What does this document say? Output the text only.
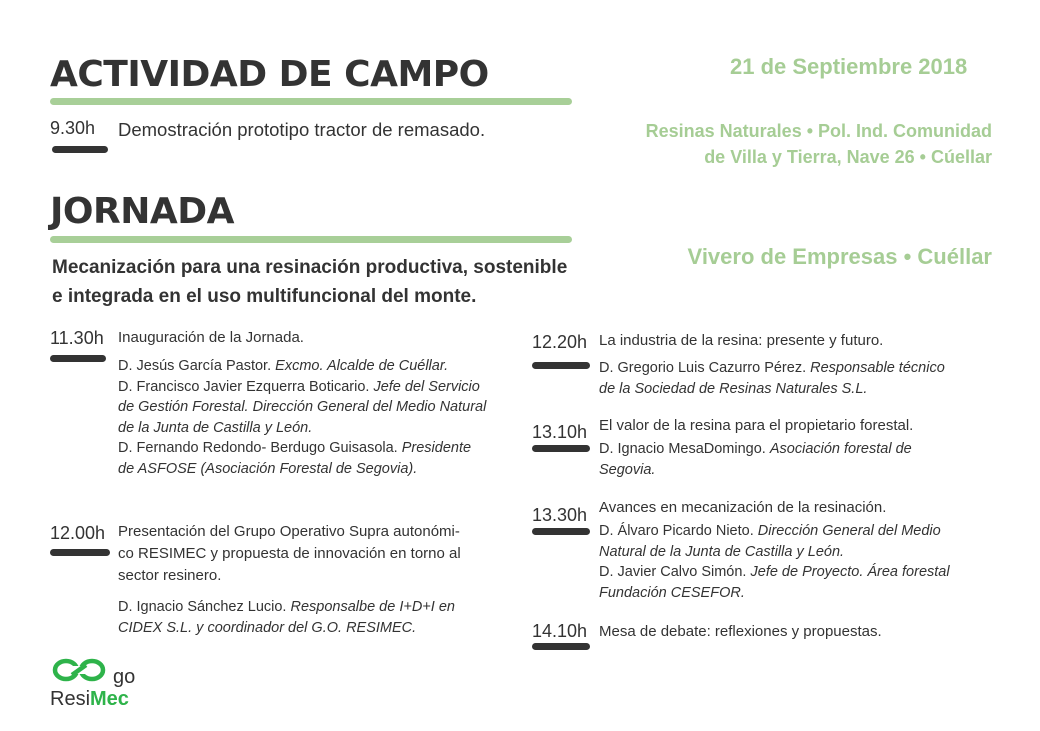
ACTIVIDAD DE CAMPO	21 de Septiembre 2018
9.30h Demostración prototipo tractor de remasado.	Resinas Naturales • Pol. Ind. Comunidad
de Villa y Tierra, Nave 26 • Cúellar
JORNADA
Vivero de Empresas • Cuéllar
Mecanización para una resinación productiva, sostenible
e integrada en el uso multifuncional del monte.
11.30h Inauguración de la Jornada.
D. Jesús García Pastor. Excmo. Alcalde de Cuéllar.
D. Francisco Javier Ezquerra Boticario. Jefe del Servicio
de Gestión Forestal. Dirección General del Medio Natural
de la Junta de Castilla y León.
D. Fernando Redondo- Berdugo Guisasola. Presidente
de ASFOSE (Asociación Forestal de Segovia).
12.00h Presentación del Grupo Operativo Supra autonómi-
co RESIMEC y propuesta de innovación en torno al
sector resinero.
D. Ignacio Sánchez Lucio. Responsalbe de I+D+I en
CIDEX S.L. y coordinador del G.O. RESIMEC.
12.20h La industria de la resina: presente y futuro.
D. Gregorio Luis Cazurro Pérez. Responsable técnico
de la Sociedad de Resinas Naturales S.L.
13.10h El valor de la resina para el propietario forestal.
D. Ignacio MesaDomingo. Asociación forestal de
Segovia.
13.30h Avances en mecanización de la resinación.
D. Álvaro Picardo Nieto. Dirección General del Medio
Natural de la Junta de Castilla y León.
D. Javier Calvo Simón. Jefe de Proyecto. Área forestal
Fundación CESEFOR.
14.10h Mesa de debate: reflexiones y propuestas.
go
ResiMec
